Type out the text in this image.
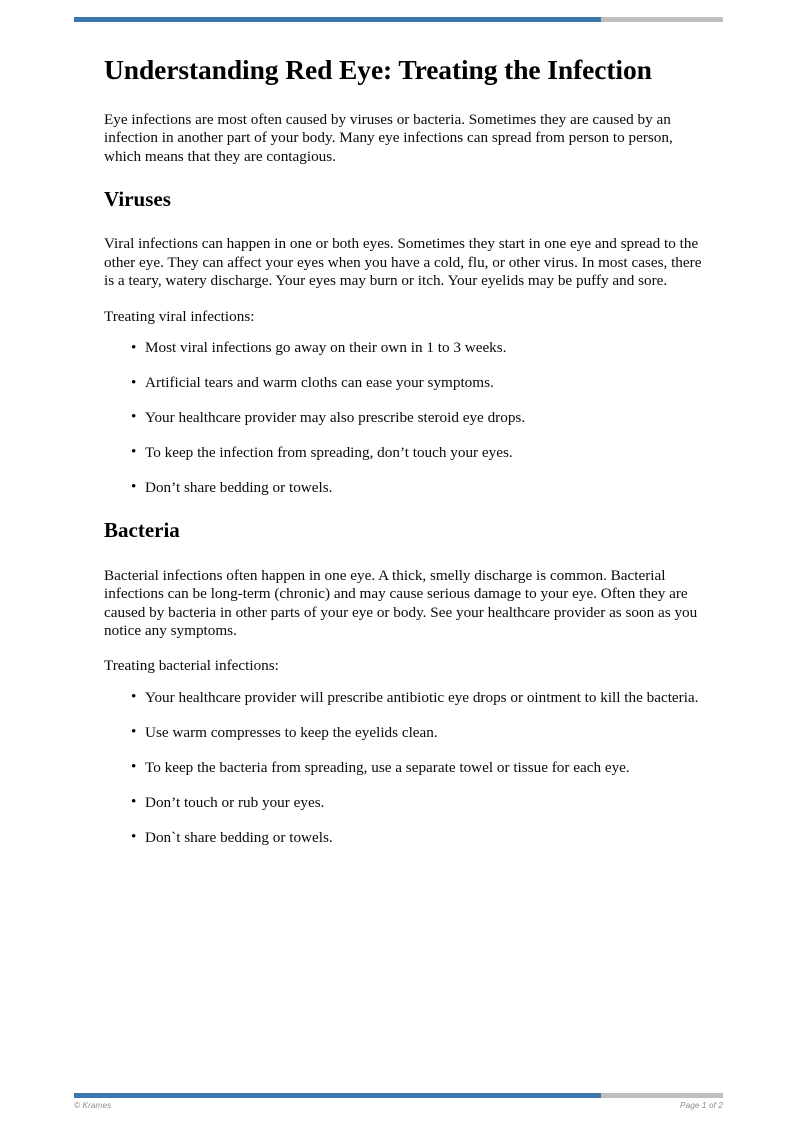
Understanding Red Eye: Treating the Infection

Eye infections are most often caused by viruses or bacteria. Sometimes they are caused by an infection in another part of your body. Many eye infections can spread from person to person, which means that they are contagious.

Viruses

Viral infections can happen in one or both eyes. Sometimes they start in one eye and spread to the other eye. They can affect your eyes when you have a cold, flu, or other virus. In most cases, there is a teary, watery discharge. Your eyes may burn or itch. Your eyelids may be puffy and sore.

Treating viral infections:

• Most viral infections go away on their own in 1 to 3 weeks.
• Artificial tears and warm cloths can ease your symptoms.
• Your healthcare provider may also prescribe steroid eye drops.
• To keep the infection from spreading, don’t touch your eyes.
• Don’t share bedding or towels.
Bacteria

Bacterial infections often happen in one eye. A thick, smelly discharge is common. Bacterial infections can be long-term (chronic) and may cause serious damage to your eye. Often they are caused by bacteria in other parts of your eye or body. See your healthcare provider as soon as you notice any symptoms.

Treating bacterial infections:

• Your healthcare provider will prescribe antibiotic eye drops or ointment to kill the bacteria.
• Use warm compresses to keep the eyelids clean.
• To keep the bacteria from spreading, use a separate towel or tissue for each eye.
• Don’t touch or rub your eyes.
• Don`t share bedding or towels.
© Krames	Page 1 of 2
